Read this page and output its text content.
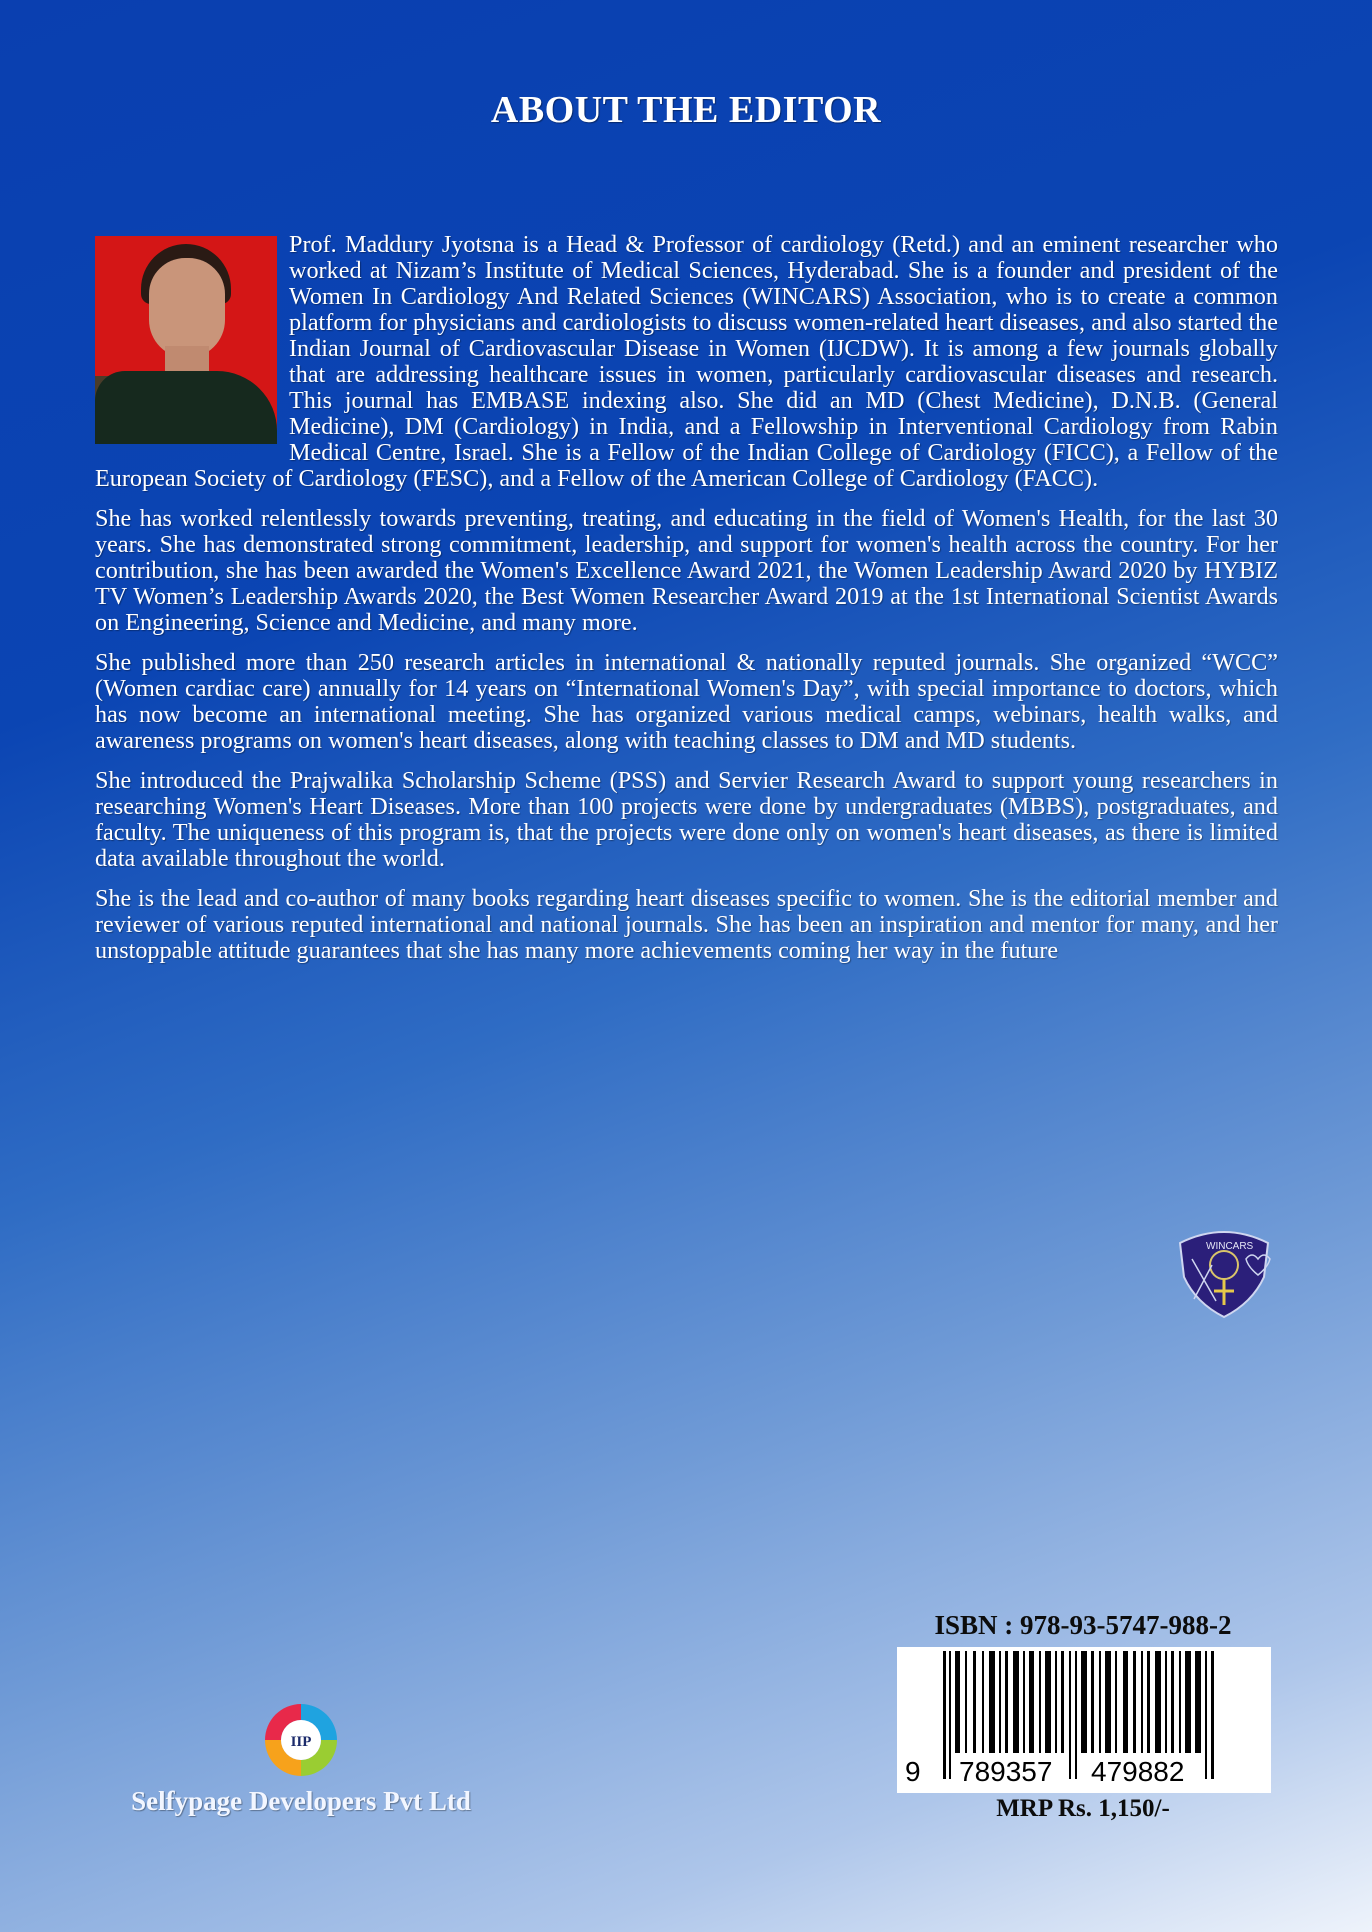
ABOUT THE EDITOR

Prof. Maddury Jyotsna is a Head & Professor of cardiology (Retd.) and an eminent researcher who worked at Nizam’s Institute of Medical Sciences, Hyderabad. She is a founder and president of the Women In Cardiology And Related Sciences (WINCARS) Association, who is to create a common platform for physicians and cardiologists to discuss women-related heart diseases, and also started the Indian Journal of Cardiovascular Disease in Women (IJCDW). It is among a few journals globally that are addressing healthcare issues in women, particularly cardiovascular diseases and research. This journal has EMBASE indexing also. She did an MD (Chest Medicine), D.N.B. (General Medicine), DM (Cardiology) in India, and a Fellowship in Interventional Cardiology from Rabin Medical Centre, Israel. She is a Fellow of the Indian College of Cardiology (FICC), a Fellow of the European Society of Cardiology (FESC), and a Fellow of the American College of Cardiology (FACC).

She has worked relentlessly towards preventing, treating, and educating in the field of Women's Health, for the last 30 years. She has demonstrated strong commitment, leadership, and support for women's health across the country. For her contribution, she has been awarded the Women's Excellence Award 2021, the Women Leadership Award 2020 by HYBIZ TV Women’s Leadership Awards 2020, the Best Women Researcher Award 2019 at the 1st International Scientist Awards on Engineering, Science and Medicine, and many more.

She published more than 250 research articles in international & nationally reputed journals. She organized “WCC” (Women cardiac care) annually for 14 years on “International Women's Day”, with special importance to doctors, which has now become an international meeting. She has organized various medical camps, webinars, health walks, and awareness programs on women's heart diseases, along with teaching classes to DM and MD students.

She introduced the Prajwalika Scholarship Scheme (PSS) and Servier Research Award to support young researchers in researching Women's Heart Diseases. More than 100 projects were done by undergraduates (MBBS), postgraduates, and faculty. The uniqueness of this program is, that the projects were done only on women's heart diseases, as there is limited data available throughout the world.

She is the lead and co-author of many books regarding heart diseases specific to women. She is the editorial member and reviewer of various reputed international and national journals. She has been an inspiration and mentor for many, and her unstoppable attitude guarantees that she has many more achievements coming her way in the future

WINCARS
ISBN : 978-93-5747-988-2
9 789357 479882
MRP Rs. 1,150/-
IIP
Selfypage Developers Pvt Ltd
